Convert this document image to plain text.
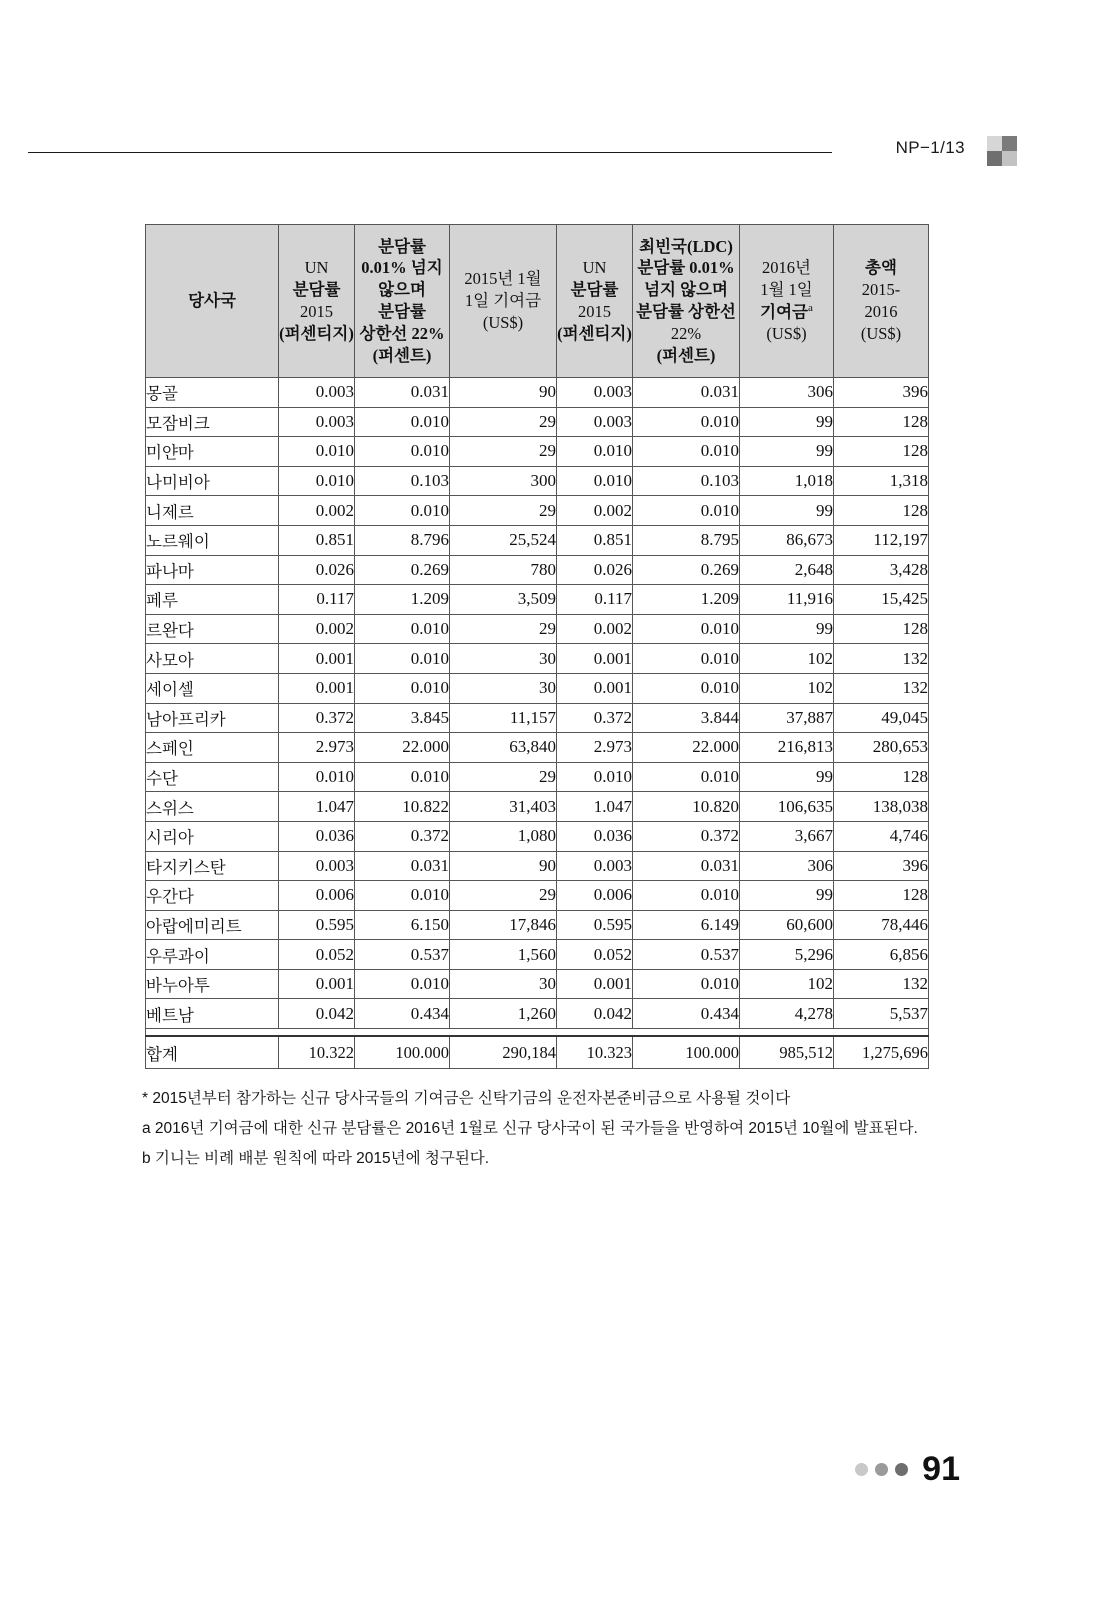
NP−1/13
당사국

UN
분담률
2015
(퍼센티지)

분담률
0.01% 넘지
않으며
분담률
상한선 22%
(퍼센트)

2015년 1월
1일 기여금
(US$)

UN
분담률
2015
(퍼센티지)

최빈국(LDC)
분담률 0.01%
넘지 않으며
분담률 상한선
22%
(퍼센트)

2016년
1월 1일
기여금$^a$
(US$)

총액
2015-
2016
(US$)

몽골	0.003	0.031	90	0.003	0.031	306	396
모잠비크	0.003	0.010	29	0.003	0.010	99	128
미얀마	0.010	0.010	29	0.010	0.010	99	128
나미비아	0.010	0.103	300	0.010	0.103	1,018	1,318
니제르	0.002	0.010	29	0.002	0.010	99	128
노르웨이	0.851	8.796	25,524	0.851	8.795	86,673	112,197
파나마	0.026	0.269	780	0.026	0.269	2,648	3,428
페루	0.117	1.209	3,509	0.117	1.209	11,916	15,425
르완다	0.002	0.010	29	0.002	0.010	99	128
사모아	0.001	0.010	30	0.001	0.010	102	132
세이셀	0.001	0.010	30	0.001	0.010	102	132
남아프리카	0.372	3.845	11,157	0.372	3.844	37,887	49,045
스페인	2.973	22.000	63,840	2.973	22.000	216,813	280,653
수단	0.010	0.010	29	0.010	0.010	99	128
스위스	1.047	10.822	31,403	1.047	10.820	106,635	138,038
시리아	0.036	0.372	1,080	0.036	0.372	3,667	4,746
타지키스탄	0.003	0.031	90	0.003	0.031	306	396
우간다	0.006	0.010	29	0.006	0.010	99	128
아랍에미리트	0.595	6.150	17,846	0.595	6.149	60,600	78,446
우루과이	0.052	0.537	1,560	0.052	0.537	5,296	6,856
바누아투	0.001	0.010	30	0.001	0.010	102	132
베트남	0.042	0.434	1,260	0.042	0.434	4,278	5,537

합계	10.322	100.000	290,184	10.323	100.000	985,512	1,275,696
* 2015년부터 참가하는 신규 당사국들의 기여금은 신탁기금의 운전자본준비금으로 사용될 것이다
a 2016년 기여금에 대한 신규 분담률은 2016년 1월로 신규 당사국이 된 국가들을 반영하여 2015년 10월에 발표된다.
b 기니는 비례 배분 원칙에 따라 2015년에 청구된다.
91
